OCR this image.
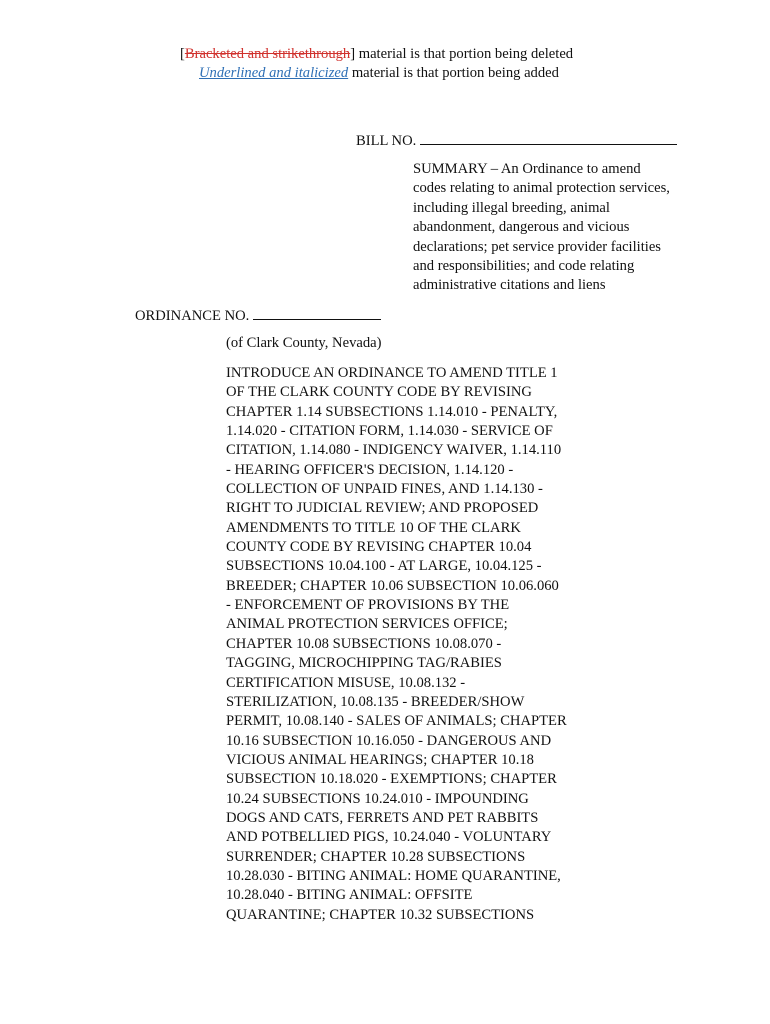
[Bracketed and strikethrough] material is that portion being deleted
Underlined and italicized material is that portion being added
BILL NO.
SUMMARY – An Ordinance to amend
codes relating to animal protection services,
including illegal breeding, animal
abandonment, dangerous and vicious
declarations; pet service provider facilities
and responsibilities; and code relating
administrative citations and liens
ORDINANCE NO.
(of Clark County, Nevada)
INTRODUCE AN ORDINANCE TO AMEND TITLE 1
OF THE CLARK COUNTY CODE BY REVISING
CHAPTER 1.14 SUBSECTIONS 1.14.010 - PENALTY,
1.14.020 - CITATION FORM, 1.14.030 - SERVICE OF
CITATION, 1.14.080 - INDIGENCY WAIVER, 1.14.110
- HEARING OFFICER'S DECISION, 1.14.120 -
COLLECTION OF UNPAID FINES, AND 1.14.130 -
RIGHT TO JUDICIAL REVIEW; AND PROPOSED
AMENDMENTS TO TITLE 10 OF THE CLARK
COUNTY CODE BY REVISING CHAPTER 10.04
SUBSECTIONS 10.04.100 - AT LARGE, 10.04.125 -
BREEDER; CHAPTER 10.06 SUBSECTION 10.06.060
- ENFORCEMENT OF PROVISIONS BY THE
ANIMAL PROTECTION SERVICES OFFICE;
CHAPTER 10.08 SUBSECTIONS 10.08.070 -
TAGGING, MICROCHIPPING TAG/RABIES
CERTIFICATION MISUSE, 10.08.132 -
STERILIZATION, 10.08.135 - BREEDER/SHOW
PERMIT, 10.08.140 - SALES OF ANIMALS; CHAPTER
10.16 SUBSECTION 10.16.050 - DANGEROUS AND
VICIOUS ANIMAL HEARINGS; CHAPTER 10.18
SUBSECTION 10.18.020 - EXEMPTIONS; CHAPTER
10.24 SUBSECTIONS 10.24.010 - IMPOUNDING
DOGS AND CATS, FERRETS AND PET RABBITS
AND POTBELLIED PIGS, 10.24.040 - VOLUNTARY
SURRENDER; CHAPTER 10.28 SUBSECTIONS
10.28.030 - BITING ANIMAL: HOME QUARANTINE,
10.28.040 - BITING ANIMAL: OFFSITE
QUARANTINE; CHAPTER 10.32 SUBSECTIONS
